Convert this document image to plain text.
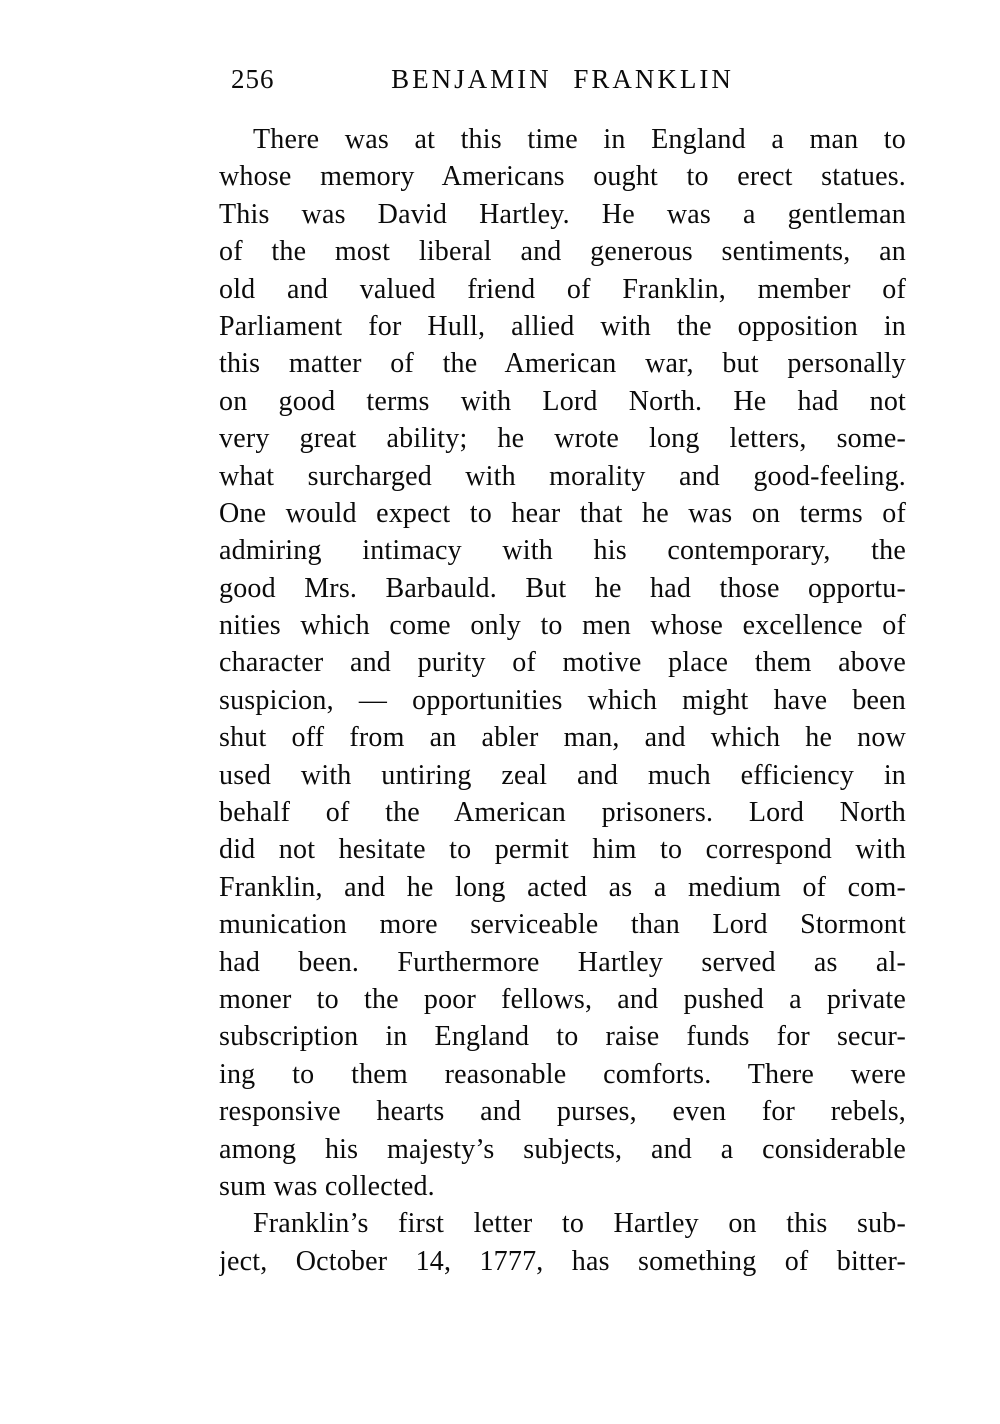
256	BENJAMIN FRANKLIN
There was at this time in England a man to
whose memory Americans ought to erect statues.
This was David Hartley. He was a gentleman
of the most liberal and generous sentiments, an
old and valued friend of Franklin, member of
Parliament for Hull, allied with the opposition in
this matter of the American war, but personally
on good terms with Lord North. He had not
very great ability; he wrote long letters, some-
what surcharged with morality and good-feeling.
One would expect to hear that he was on terms of
admiring intimacy with his contemporary, the
good Mrs. Barbauld. But he had those opportu-
nities which come only to men whose excellence of
character and purity of motive place them above
suspicion, — opportunities which might have been
shut off from an abler man, and which he now
used with untiring zeal and much efficiency in
behalf of the American prisoners. Lord North
did not hesitate to permit him to correspond with
Franklin, and he long acted as a medium of com-
munication more serviceable than Lord Stormont
had been. Furthermore Hartley served as al-
moner to the poor fellows, and pushed a private
subscription in England to raise funds for secur-
ing to them reasonable comforts. There were
responsive hearts and purses, even for rebels,
among his majesty’s subjects, and a considerable
sum was collected.
Franklin’s first letter to Hartley on this sub-
ject, October 14, 1777, has something of bitter-
